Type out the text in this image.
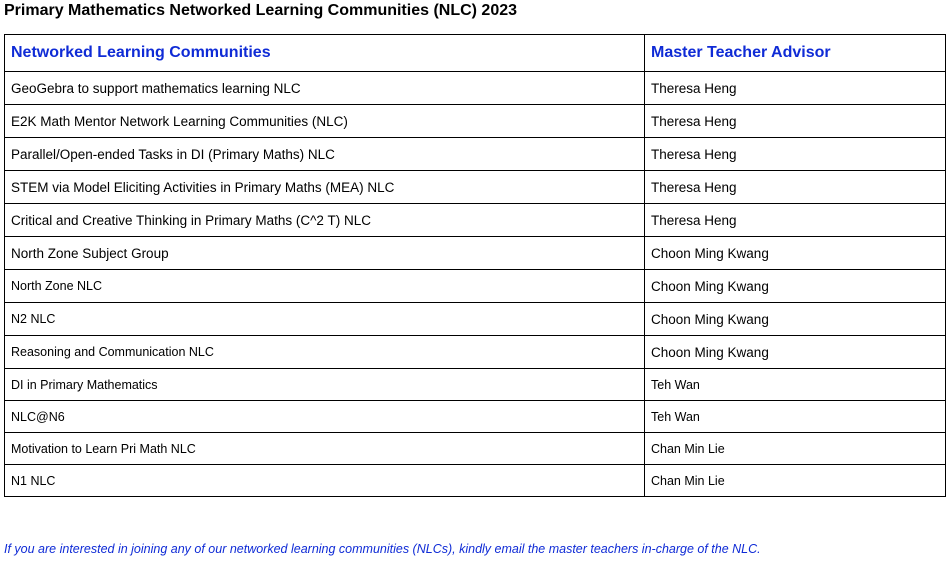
Primary Mathematics Networked Learning Communities (NLC) 2023
Networked Learning Communities	Master Teacher Advisor
GeoGebra to support mathematics learning NLC	Theresa Heng
E2K Math Mentor Network Learning Communities (NLC)	Theresa Heng
Parallel/Open-ended Tasks in DI (Primary Maths) NLC	Theresa Heng
STEM via Model Eliciting Activities in Primary Maths (MEA) NLC	Theresa Heng
Critical and Creative Thinking in Primary Maths (C^2 T) NLC	Theresa Heng
North Zone Subject Group	Choon Ming Kwang
North Zone NLC	Choon Ming Kwang
N2 NLC	Choon Ming Kwang
Reasoning and Communication NLC	Choon Ming Kwang
DI in Primary Mathematics	Teh Wan
NLC@N6	Teh Wan
Motivation to Learn Pri Math NLC	Chan Min Lie
N1 NLC	Chan Min Lie
If you are interested in joining any of our networked learning communities (NLCs), kindly email the master teachers in-charge of the NLC.
